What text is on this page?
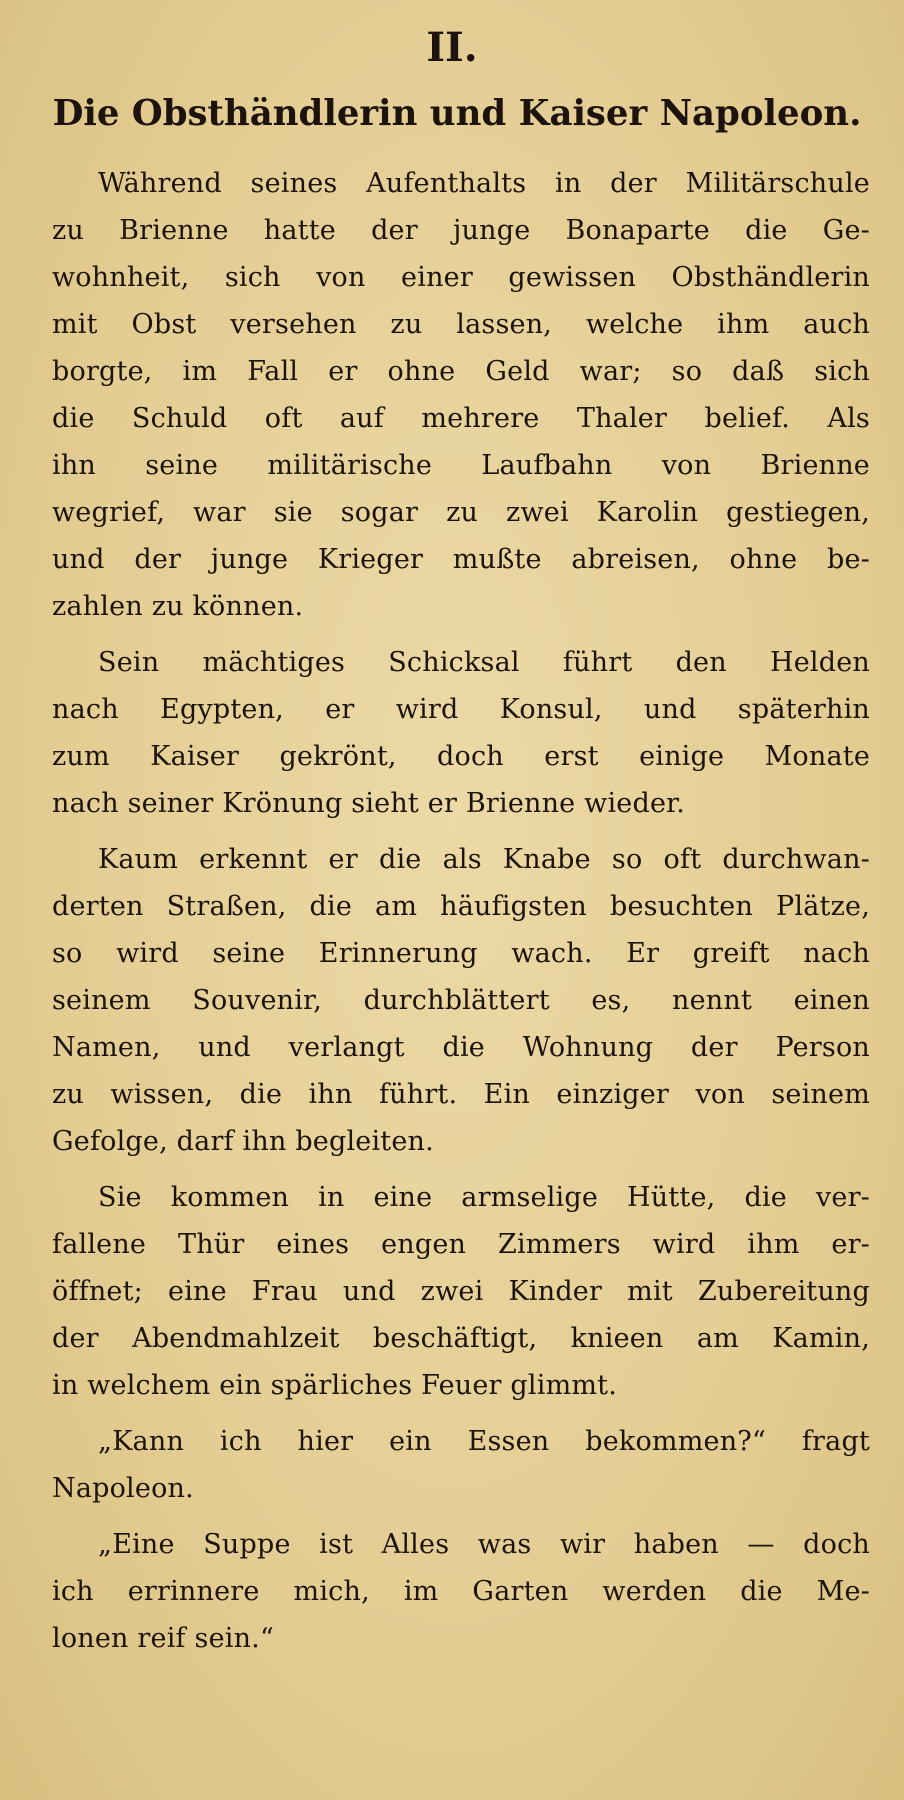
II.
Die Obsthändlerin und Kaiser Napoleon.
Während seines Aufenthalts in der Militärschule
zu Brienne hatte der junge Bonaparte die Ge-
wohnheit, sich von einer gewissen Obsthändlerin
mit Obst versehen zu lassen, welche ihm auch
borgte, im Fall er ohne Geld war; so daß sich
die Schuld oft auf mehrere Thaler belief. Als
ihn seine militärische Laufbahn von Brienne
wegrief, war sie sogar zu zwei Karolin gestiegen,
und der junge Krieger mußte abreisen, ohne be-
zahlen zu können.
Sein mächtiges Schicksal führt den Helden
nach Egypten, er wird Konsul, und späterhin
zum Kaiser gekrönt, doch erst einige Monate
nach seiner Krönung sieht er Brienne wieder.
Kaum erkennt er die als Knabe so oft durchwan-
derten Straßen, die am häufigsten besuchten Plätze,
so wird seine Erinnerung wach. Er greift nach
seinem Souvenir, durchblättert es, nennt einen
Namen, und verlangt die Wohnung der Person
zu wissen, die ihn führt. Ein einziger von seinem
Gefolge, darf ihn begleiten.
Sie kommen in eine armselige Hütte, die ver-
fallene Thür eines engen Zimmers wird ihm er-
öffnet; eine Frau und zwei Kinder mit Zubereitung
der Abendmahlzeit beschäftigt, knieen am Kamin,
in welchem ein spärliches Feuer glimmt.
„Kann ich hier ein Essen bekommen?“ fragt
Napoleon.
„Eine Suppe ist Alles was wir haben — doch
ich errinnere mich, im Garten werden die Me-
lonen reif sein.“
